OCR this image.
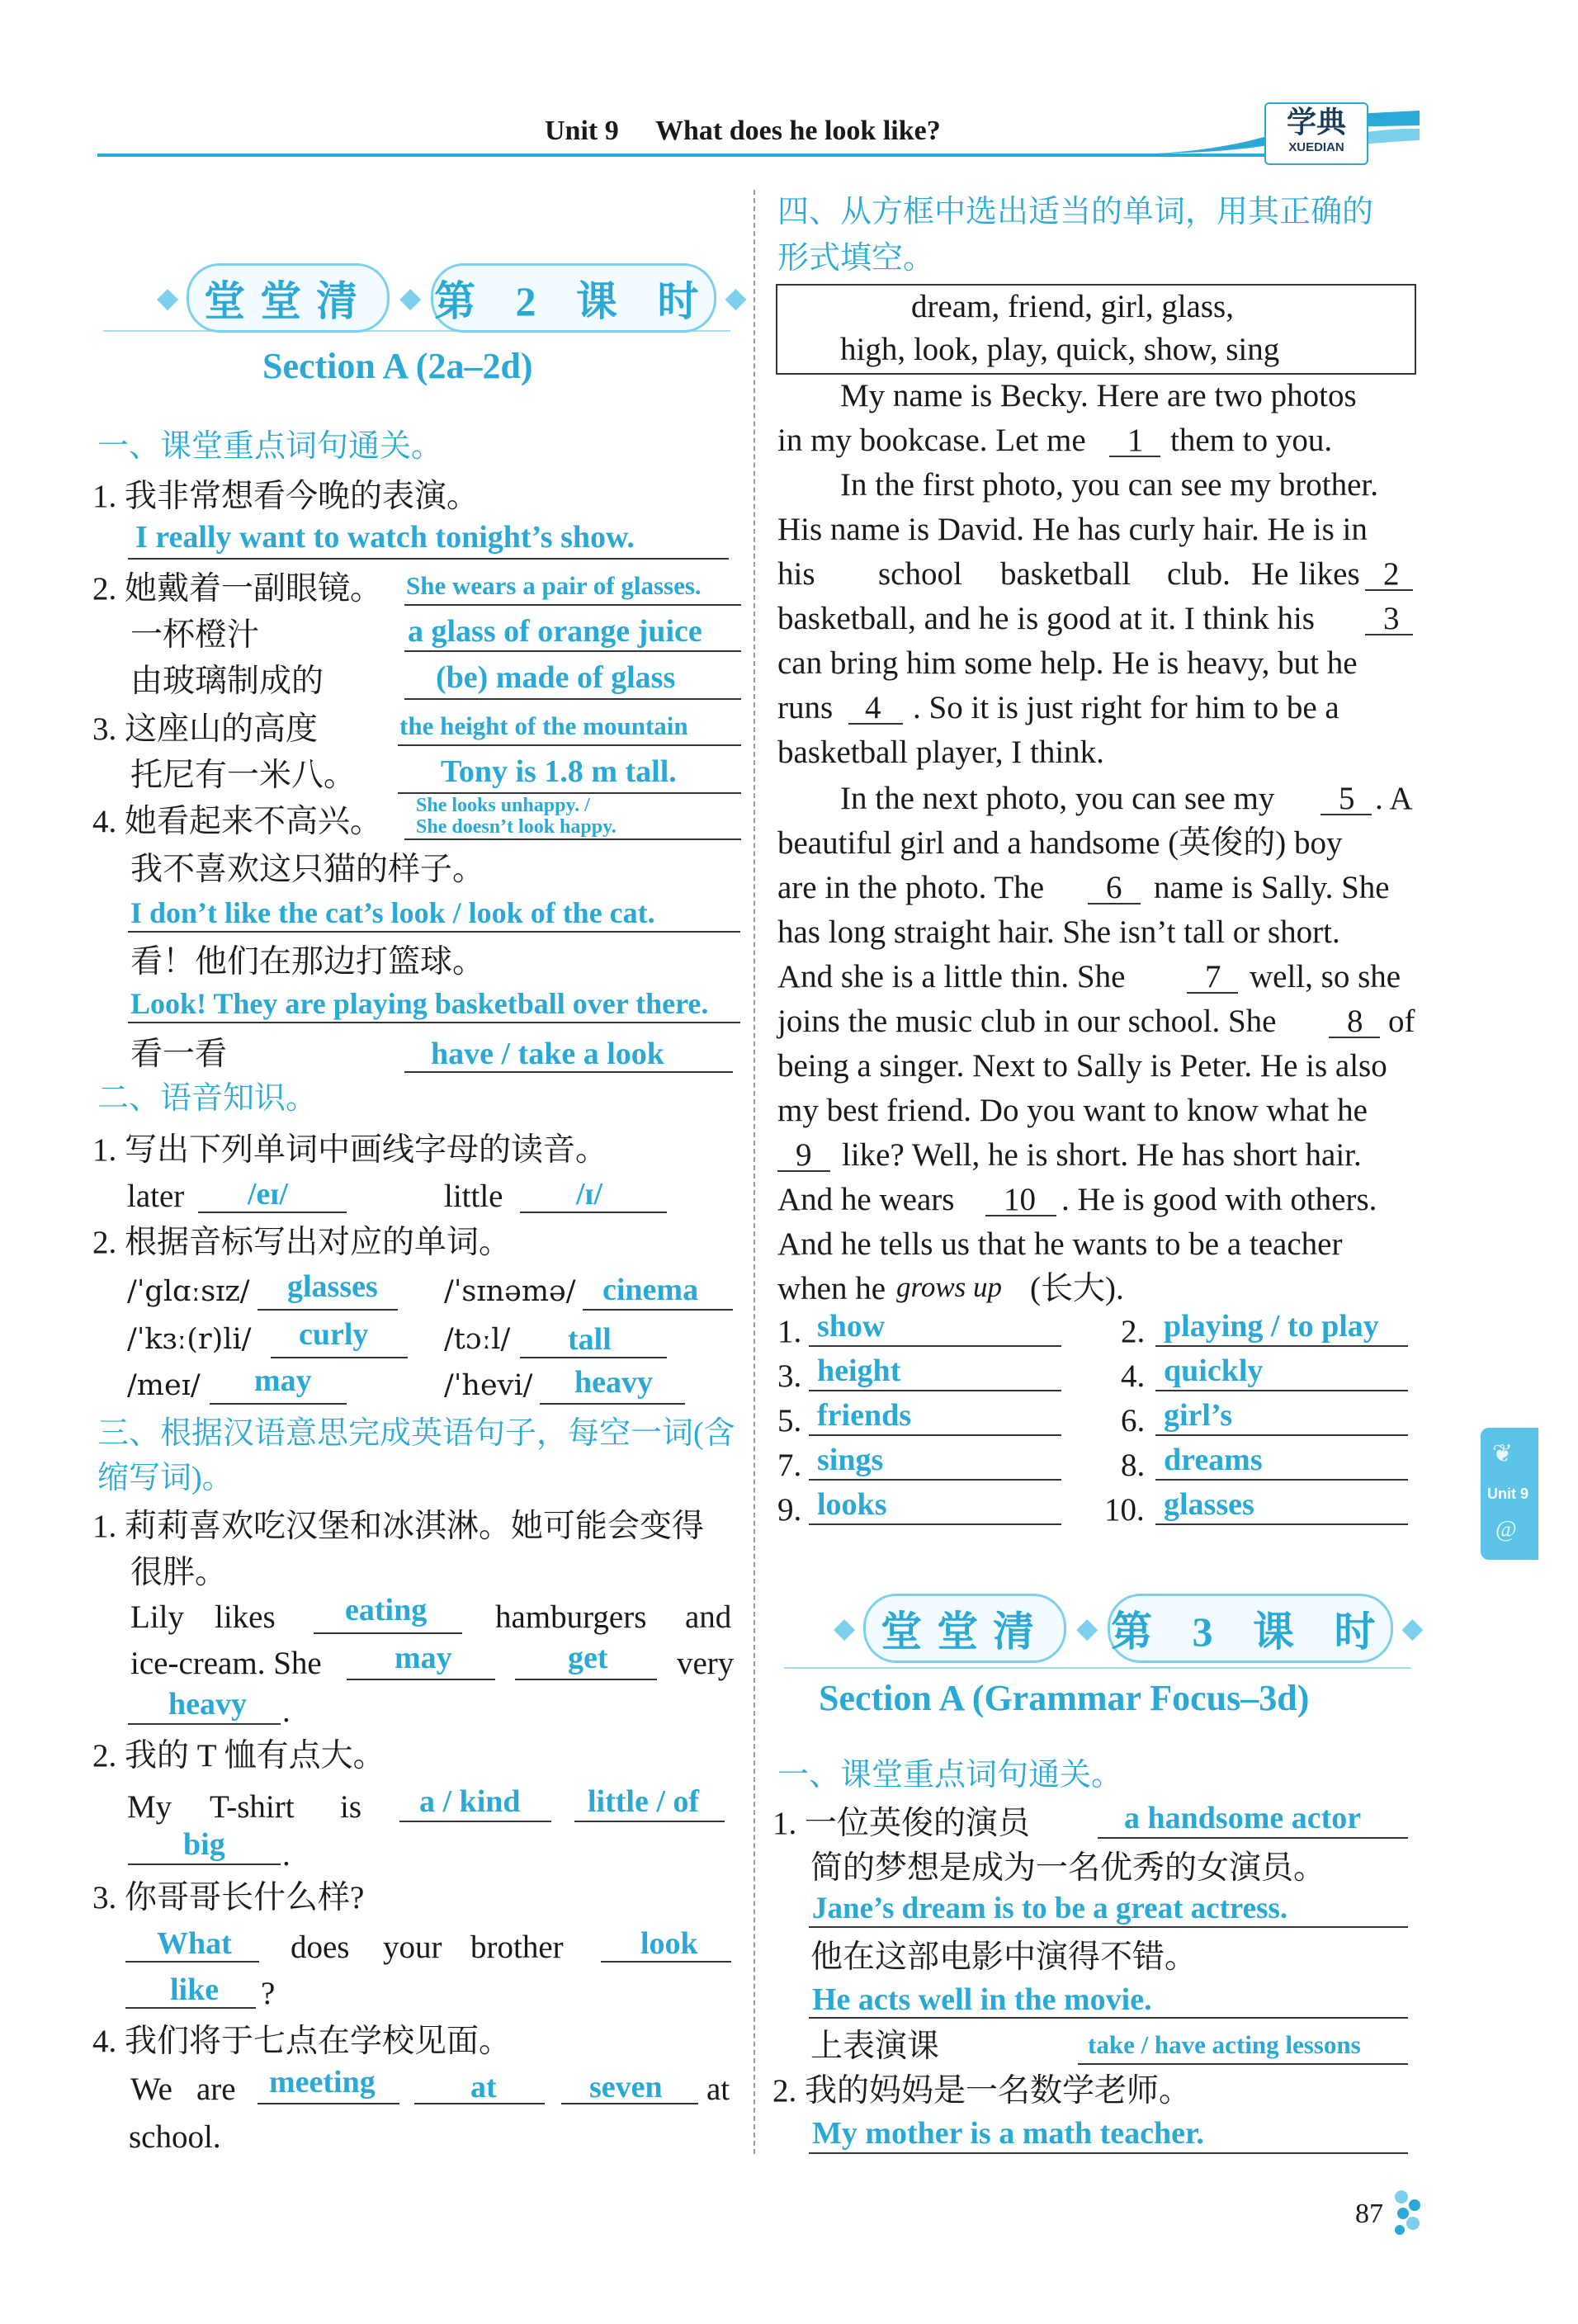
Unit 9 What does he look like?	学典
XUEDIAN
◆ 堂堂清 ◆ 第 2 课 时 ◆
Section A (2a–2d)
一、课堂重点词句通关。
1. 我非常想看今晚的表演。
I really want to watch tonight’s show.
2. 她戴着一副眼镜。 She wears a pair of glasses.
一杯橙汁	a glass of orange juice
由玻璃制成的	(be) made of glass
3. 这座山的高度	the height of the mountain
托尼有一米八。	Tony is 1.8 m tall.
4. 她看起来不高兴。 She looks unhappy. /
She doesn’t look happy.
我不喜欢这只猫的样子。
I don’t like the cat’s look / look of the cat.
看！他们在那边打篮球。
Look! They are playing basketball over there.
看一看	have / take a look
二、语音知识。
1. 写出下列单词中画线字母的读音。
later /eɪ/	little /ɪ/
2. 根据音标写出对应的单词。
/ˈglɑːsɪz/ glasses /ˈsɪnəmə/ cinema
/ˈkɜː(r)li/ curly	/tɔːl/ tall
/meɪ/ may	/ˈhevi/ heavy
三、根据汉语意思完成英语句子，每空一词(含
缩写词)。
1. 莉莉喜欢吃汉堡和冰淇淋。她可能会变得
很胖。
Lily likes eating hamburgers and
ice-cream. She may	get very
heavy .
2. 我的 T 恤有点大。
My T-shirt is a / kind little / of
big .
3. 你哥哥长什么样?
What does your brother look
like ?
4. 我们将于七点在学校见面。
We are meeting	at	seven at
school.
四、从方框中选出适当的单词，用其正确的
形式填空。
dream, friend, girl, glass,
high, look, play, quick, show, sing
My name is Becky. Here are two photos
in my bookcase. Let me 1 them to you.
In the first photo, you can see my brother.
His name is David. He has curly hair. He is in
his school basketball club. He likes 2
basketball, and he is good at it. I think his 3
can bring him some help. He is heavy, but he
runs 4 . So it is just right for him to be a
basketball player, I think.
In the next photo, you can see my 5 . A
beautiful girl and a handsome (英俊的) boy
are in the photo. The 6 name is Sally. She
has long straight hair. She isn’t tall or short.
And she is a little thin. She 7 well, so she
joins the music club in our school. She 8 of
being a singer. Next to Sally is Peter. He is also
my best friend. Do you want to know what he
9 like? Well, he is short. He has short hair.
And he wears 10 . He is good with others.
And he tells us that he wants to be a teacher
when he grows up (长大).
1. show	2. playing / to play
3. height	4. quickly
5. friends	6. girl’s
7. sings	8. dreams
9. looks	10. glasses
◆ 堂堂清 ◆ 第 3 课 时 ◆
Section A (Grammar Focus–3d)
一、课堂重点词句通关。
1. 一位英俊的演员	a handsome actor
简的梦想是成为一名优秀的女演员。
Jane’s dream is to be a great actress.
他在这部电影中演得不错。
He acts well in the movie.
上表演课	take / have acting lessons
2. 我的妈妈是一名数学老师。
My mother is a math teacher.
❦
Unit 9
@
87
